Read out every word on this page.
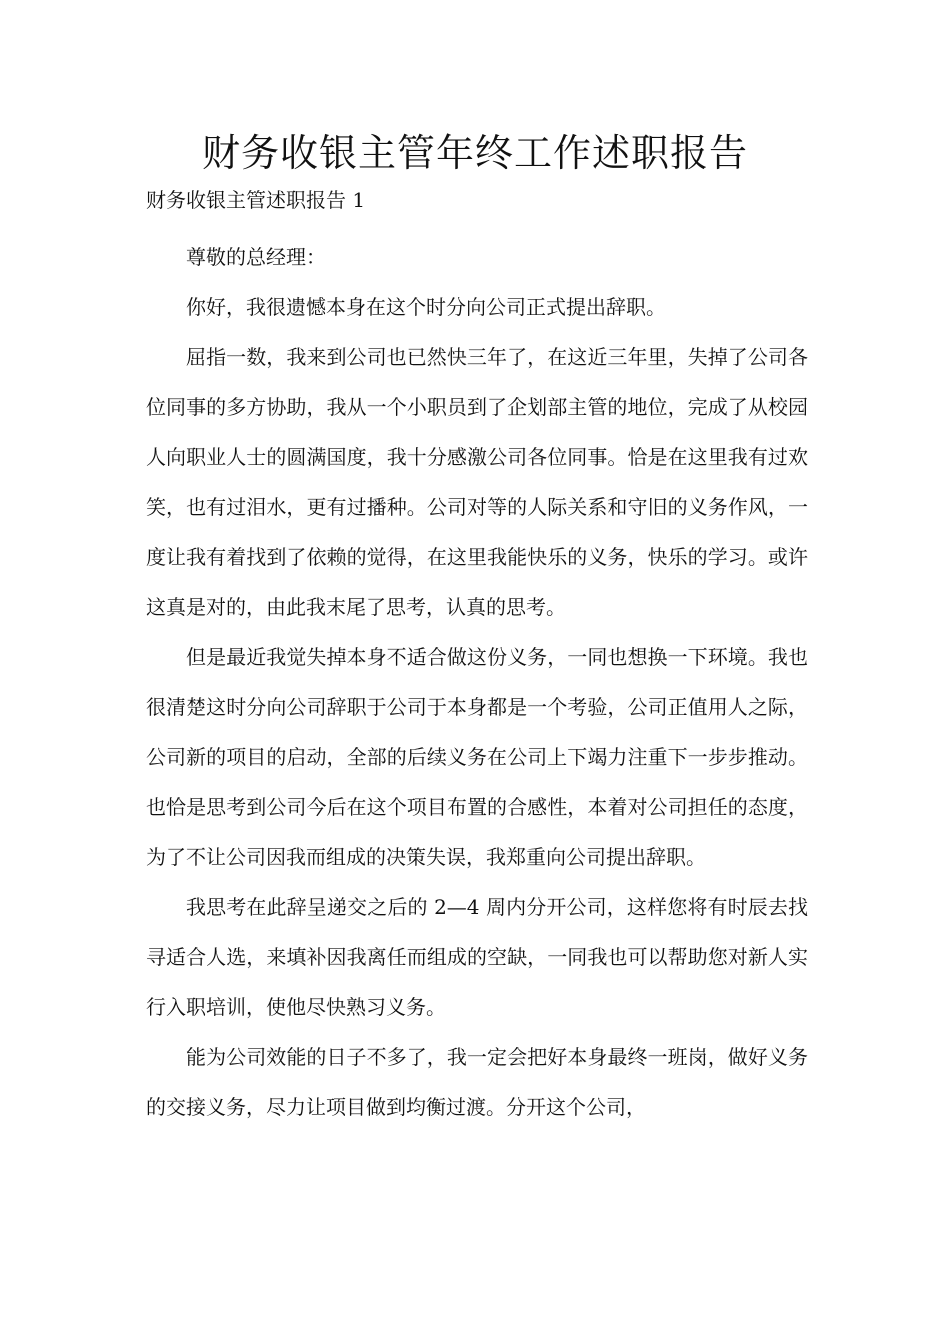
财务收银主管年终工作述职报告

财务收银主管述职报告 1

尊敬的总经理：

你好，我很遗憾本身在这个时分向公司正式提出辞职。

屈指一数，我来到公司也已然快三年了，在这近三年里，失掉了公司各位同事的多方协助，我从一个小职员到了企划部主管的地位，完成了从校园人向职业人士的圆满国度，我十分感激公司各位同事。恰是在这里我有过欢笑，也有过泪水，更有过播种。公司对等的人际关系和守旧的义务作风，一度让我有着找到了依赖的觉得，在这里我能快乐的义务，快乐的学习。或许这真是对的，由此我末尾了思考，认真的思考。

但是最近我觉失掉本身不适合做这份义务，一同也想换一下环境。我也很清楚这时分向公司辞职于公司于本身都是一个考验，公司正值用人之际，公司新的项目的启动，全部的后续义务在公司上下竭力注重下一步步推动。也恰是思考到公司今后在这个项目布置的合感性，本着对公司担任的态度，为了不让公司因我而组成的决策失误，我郑重向公司提出辞职。

我思考在此辞呈递交之后的 2—4 周内分开公司，这样您将有时辰去找寻适合人选，来填补因我离任而组成的空缺，一同我也可以帮助您对新人实行入职培训，使他尽快熟习义务。

能为公司效能的日子不多了，我一定会把好本身最终一班岗，做好义务的交接义务，尽力让项目做到均衡过渡。分开这个公司，
